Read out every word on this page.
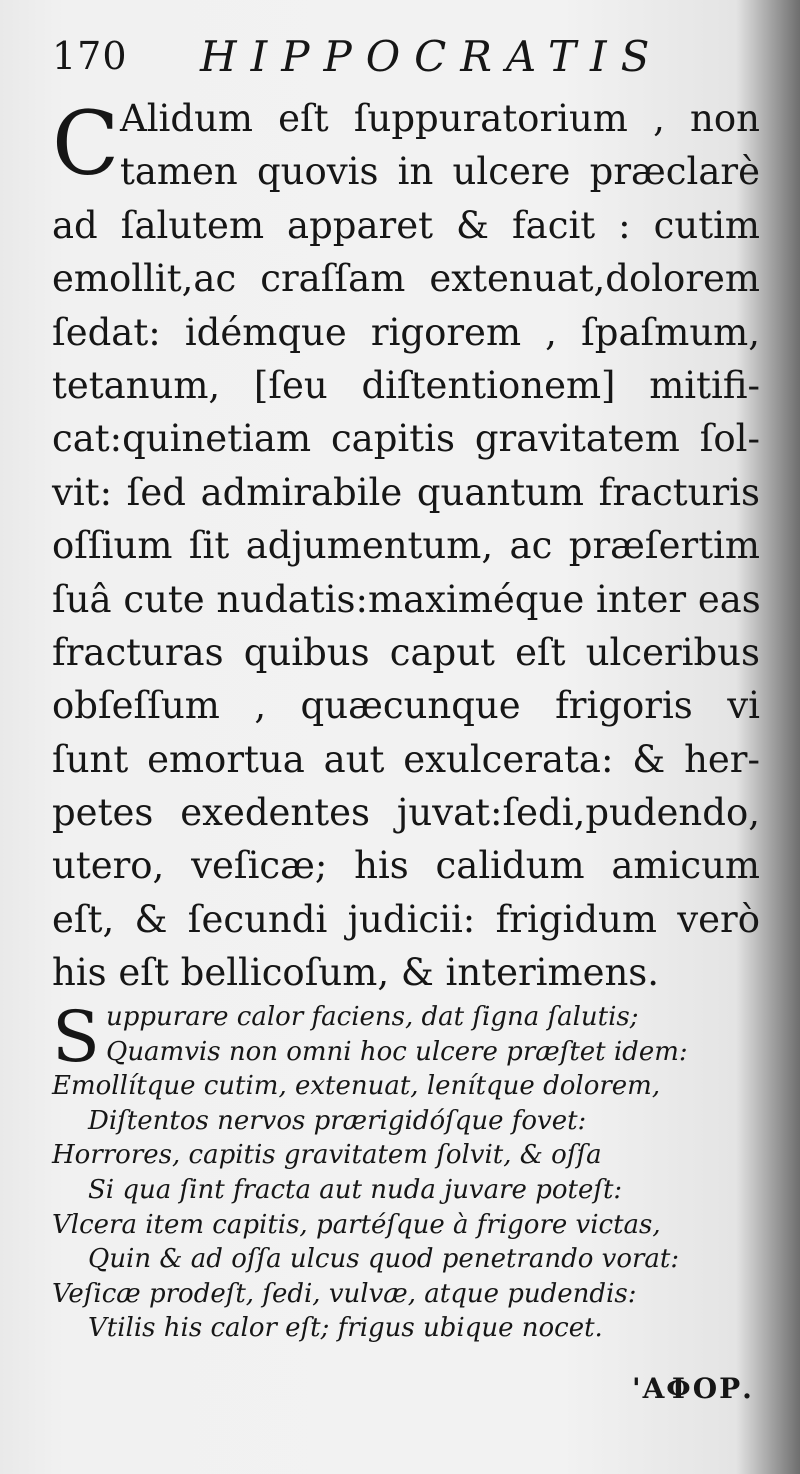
170 HIPPOCRATIS
C Alidum eſt ſuppuratorium , non
tamen quovis in ulcere præclarè
ad ſalutem apparet & facit : cutim
emollit,ac craſſam extenuat,dolorem
ſedat: idémque rigorem , ſpaſmum,
tetanum, [ſeu diſtentionem] mitifi-
cat:quinetiam capitis gravitatem ſol-
vit: ſed admirabile quantum fracturis
oſſium ſit adjumentum, ac præſertim
ſuâ cute nudatis:maximéque inter eas
fracturas quibus caput eſt ulceribus
obſeſſum , quæcunque frigoris vi
ſunt emortua aut exulcerata: & her-
petes exedentes juvat:ſedi,pudendo,
utero, veſicæ; his calidum amicum
eſt, & ſecundi judicii: frigidum verò
his eſt bellicoſum, & interimens.
S uppurare calor faciens, dat ſigna ſalutis;
Quamvis non omni hoc ulcere præſtet idem:
Emollítque cutim, extenuat, lenítque dolorem,
Diſtentos nervos prærigidóſque fovet:
Horrores, capitis gravitatem ſolvit, & oſſa
Si qua ſint fracta aut nuda juvare poteſt:
Vlcera item capitis, partéſque à frigore victas,
Quin & ad oſſa ulcus quod penetrando vorat:
Veſicæ prodeſt, ſedi, vulvæ, atque pudendis:
Vtilis his calor eſt; frigus ubique nocet.
'ΑΦΟΡ.
